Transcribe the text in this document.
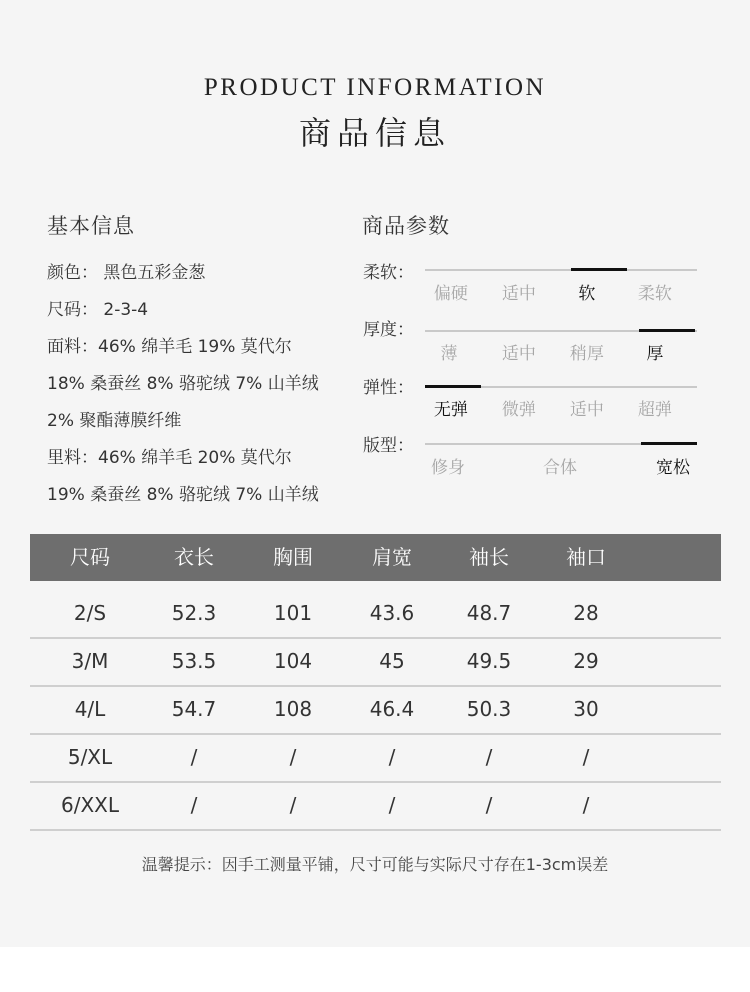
PRODUCT INFORMATION
商品信息
基本信息	商品参数
颜色： 黑色五彩金葱
尺码： 2-3-4
面料：46% 绵羊毛 19% 莫代尔
18% 桑蚕丝 8% 骆驼绒 7% 山羊绒
2% 聚酯薄膜纤维
里料：46% 绵羊毛 20% 莫代尔
19% 桑蚕丝 8% 骆驼绒 7% 山羊绒
柔软：
偏硬 适中	软	柔软
厚度：
薄	适中 稍厚	厚
弹性：
无弹 微弹 适中 超弹
版型：
修身	合体	宽松
尺码	衣长	胸围	肩宽	袖长	袖口
2/S	52.3	101	43.6	48.7	28
3/M	53.5	104	45	49.5	29
4/L	54.7	108	46.4	50.3	30
5/XL	/	/	/	/	/
6/XXL	/	/	/	/	/
温馨提示：因手工测量平铺，尺寸可能与实际尺寸存在1-3cm误差
